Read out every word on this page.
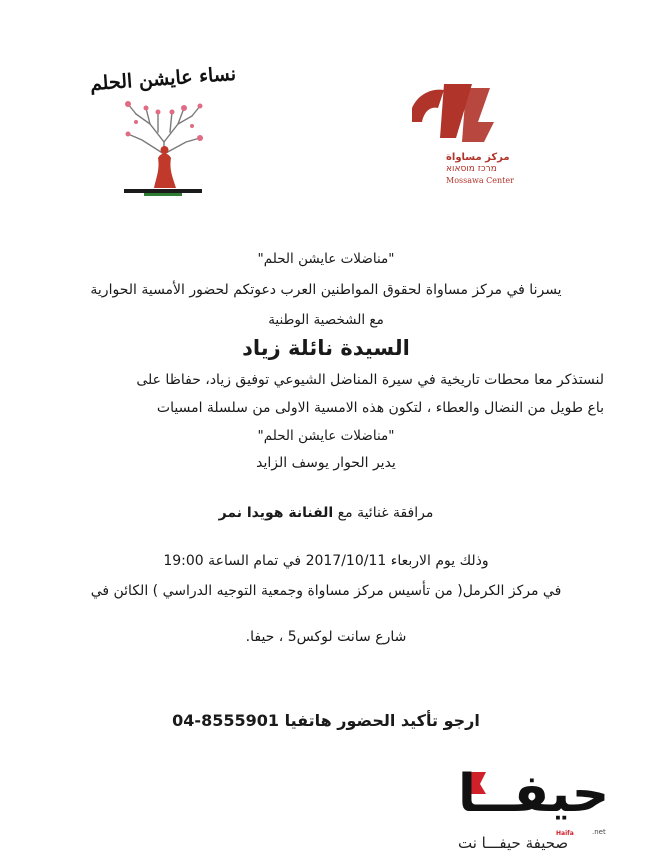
نساء عايشن الحلم
مركز مساواة
מרכז מוסאוא
Mossawa Center
"مناضلات عايشن الحلم"
يسرنا في مركز مساواة لحقوق المواطنين العرب دعوتكم لحضور الأمسية الحوارية
مع الشخصية الوطنية
السيدة نائلة زياد
لنستذكر معا محطات تاريخية في سيرة المناضل الشيوعي توفيق زياد، حفاظا على
باع طويل من النضال والعطاء ، لتكون هذه الامسية الاولى من سلسلة امسيات
"مناضلات عايشن الحلم"
يدير الحوار يوسف الزايد
مرافقة غنائية مع الفنانة هويدا نمر
وذلك يوم الاربعاء 2017/10/11 في تمام الساعة 19:00
في مركز الكرمل( من تأسيس مركز مساواة وجمعية التوجيه الدراسي ) الكائن في
شارع سانت لوكس5 ، حيفا.
ارجو تأكيد الحضور هاتفيا 8555901-04
حيفــا
Haifa	.net
صحيفة حيفـــا نت
